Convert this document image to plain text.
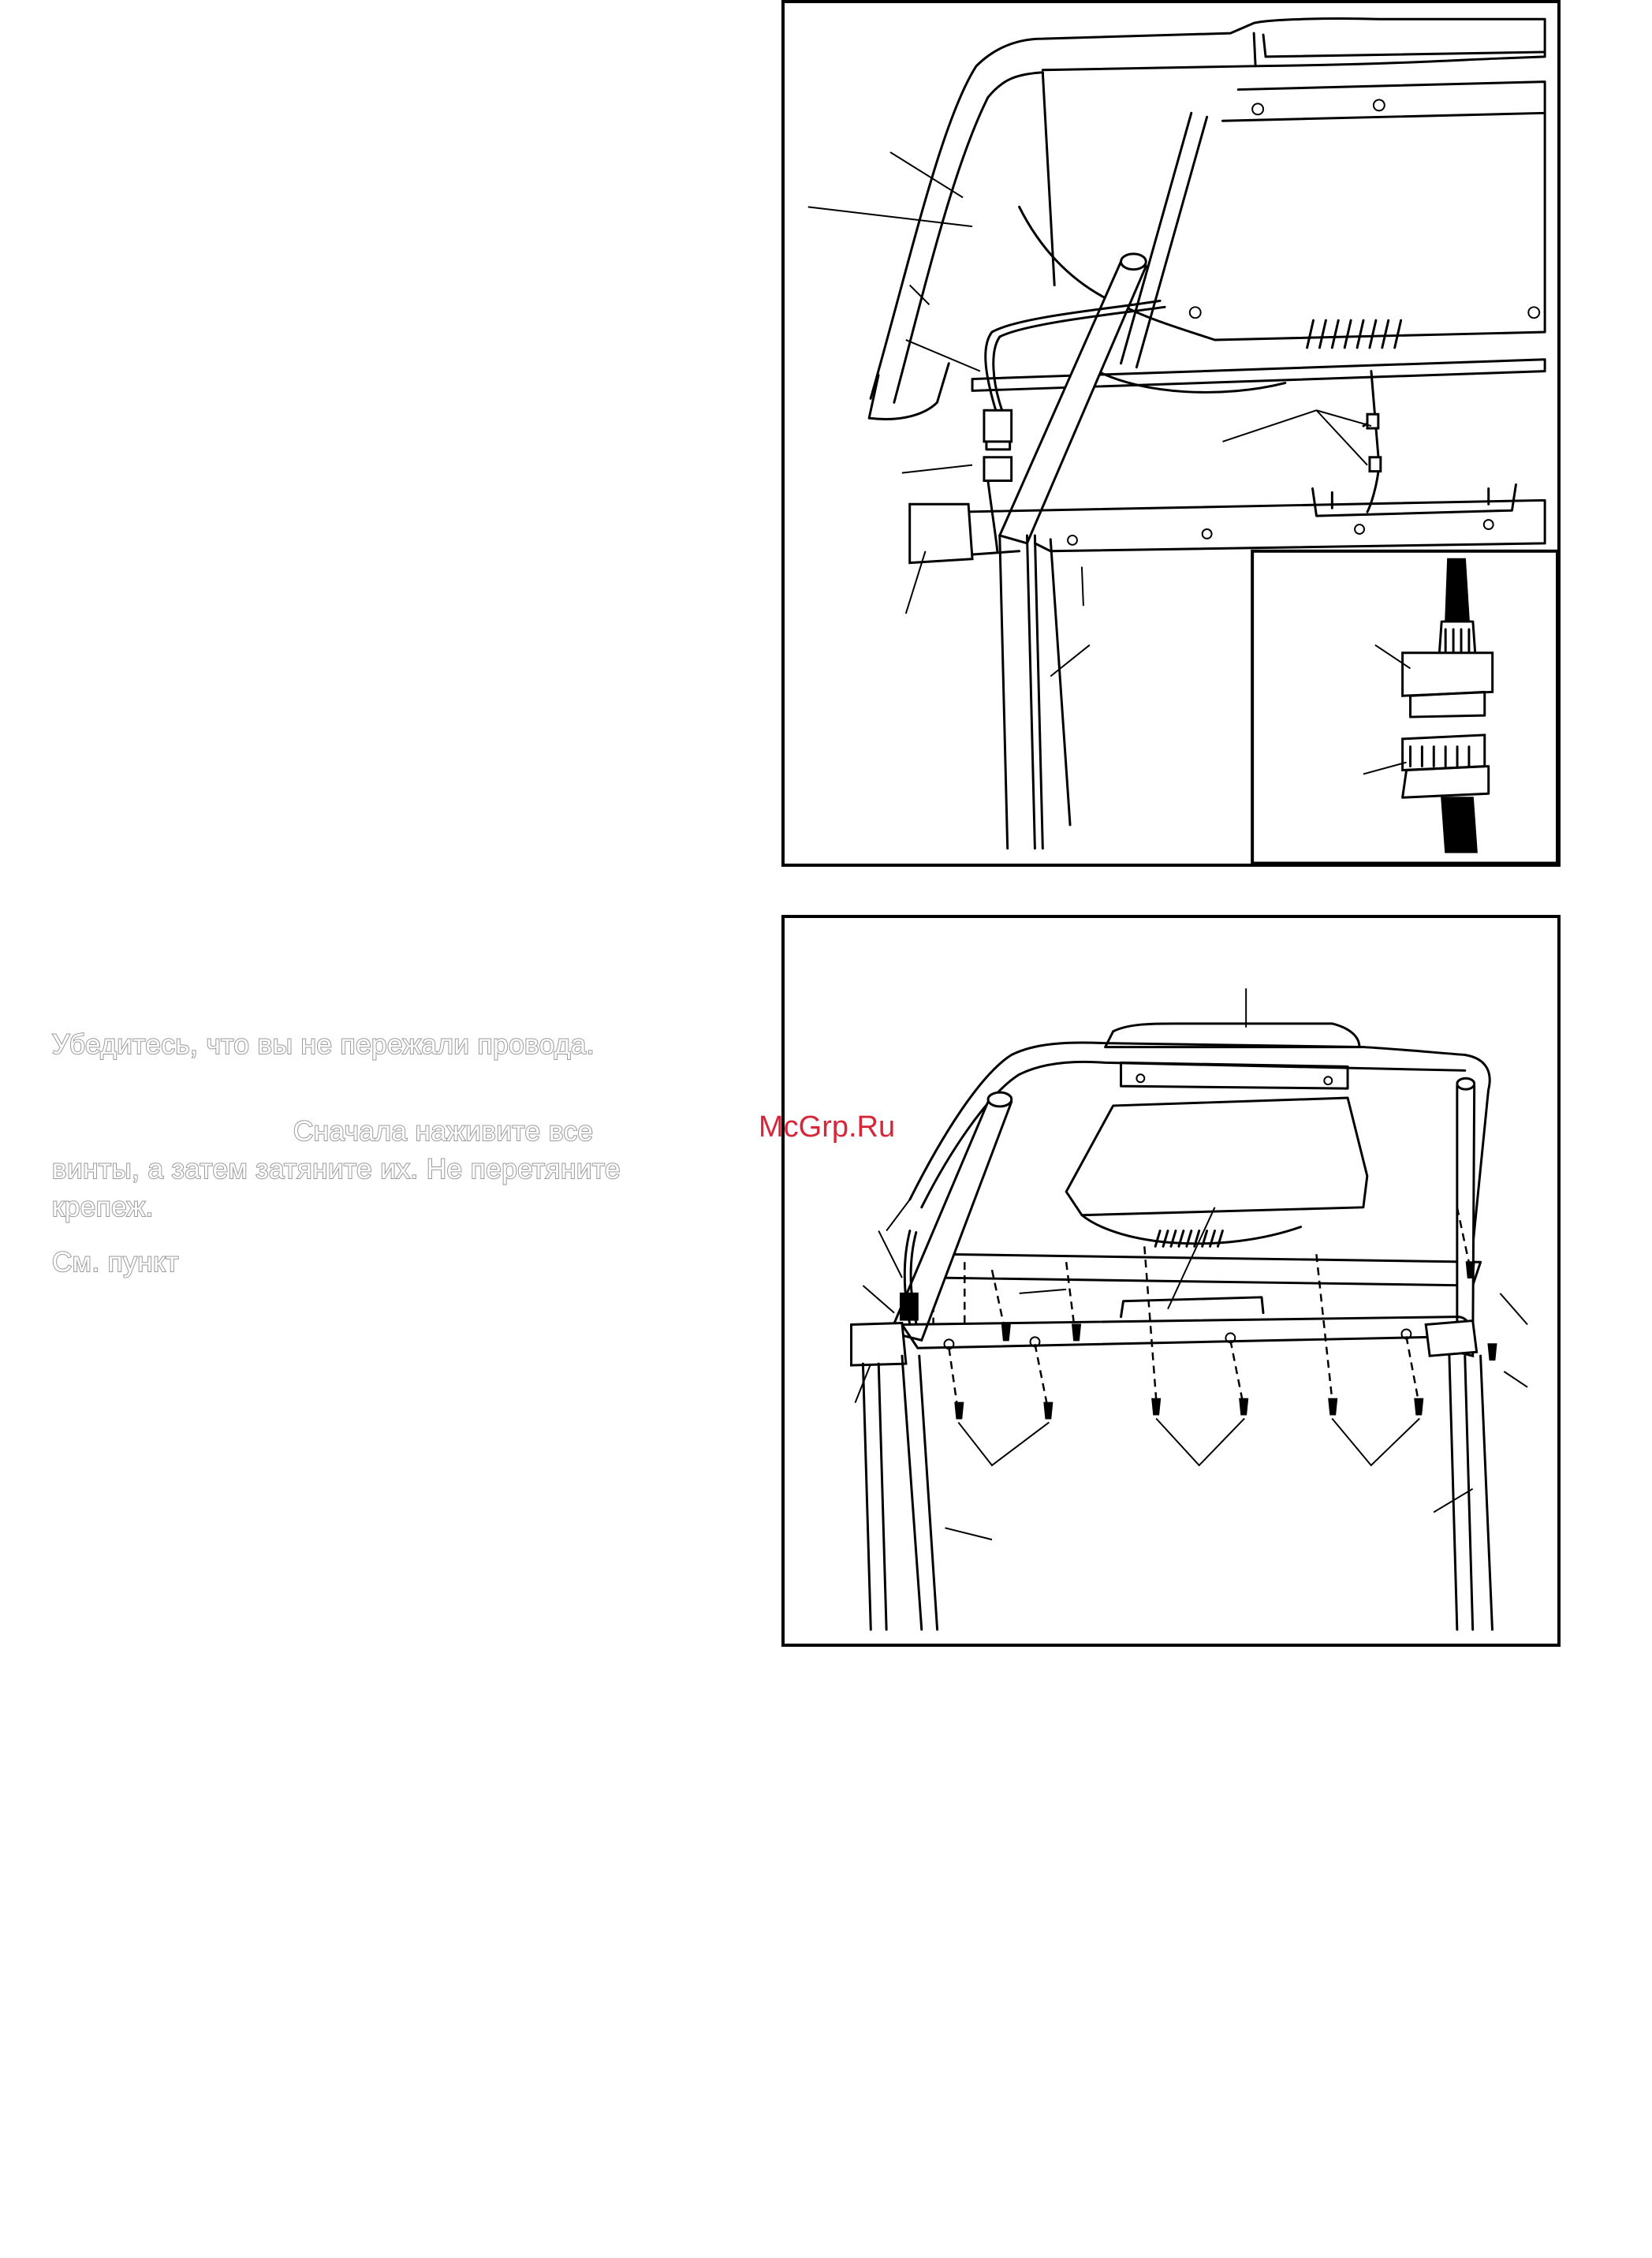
Убедитесь, что вы не пережали провода.
Сначала наживите все
винты, а затем затяните их. Не перетяните
крепеж.
См. пункт
McGrp.Ru
